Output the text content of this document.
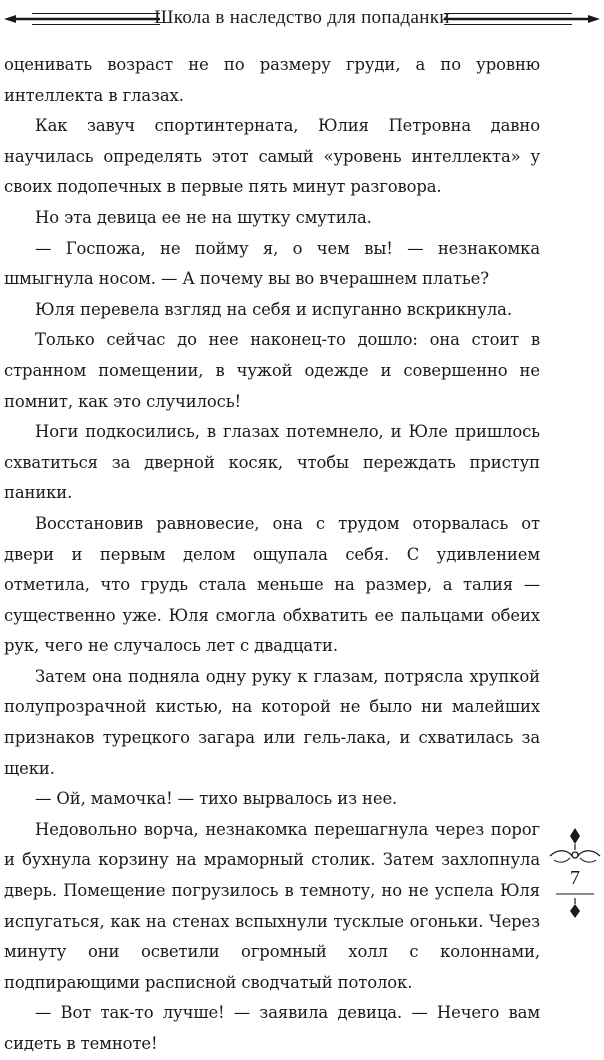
Школа в наследство для попаданки

оценивать возраст не по размеру груди, а по уровню интеллекта в глазах.

Как завуч спортинтерната, Юлия Петровна давно научилась определять этот самый «уровень интеллекта» у своих подопечных в первые пять минут разговора.

Но эта девица ее не на шутку смутила.

— Госпожа, не пойму я, о чем вы! — незнакомка шмыгнула носом. — А почему вы во вчерашнем платье?

Юля перевела взгляд на себя и испуганно вскрикнула.

Только сейчас до нее наконец-то дошло: она стоит в странном помещении, в чужой одежде и совершенно не помнит, как это случилось!

Ноги подкосились, в глазах потемнело, и Юле пришлось схватиться за дверной косяк, чтобы переждать приступ паники.

Восстановив равновесие, она с трудом оторвалась от двери и первым делом ощупала себя. С удивлением отметила, что грудь стала меньше на размер, а талия — существенно уже. Юля смогла обхватить ее пальцами обеих рук, чего не случалось лет с двадцати.

Затем она подняла одну руку к глазам, потрясла хрупкой полупрозрачной кистью, на которой не было ни малейших признаков турецкого загара или гель-лака, и схватилась за щеки.

— Ой, мамочка! — тихо вырвалось из нее.

Недовольно ворча, незнакомка перешагнула через порог и бухнула корзину на мраморный столик. Затем захлопнула дверь. Помещение погрузилось в темноту, но не успела Юля испугаться, как на стенах вспыхнули тусклые огоньки. Через минуту они осветили огромный холл с колоннами, подпирающими расписной сводчатый потолок.

— Вот так-то лучше! — заявила девица. — Нечего вам сидеть в темноте!

7
